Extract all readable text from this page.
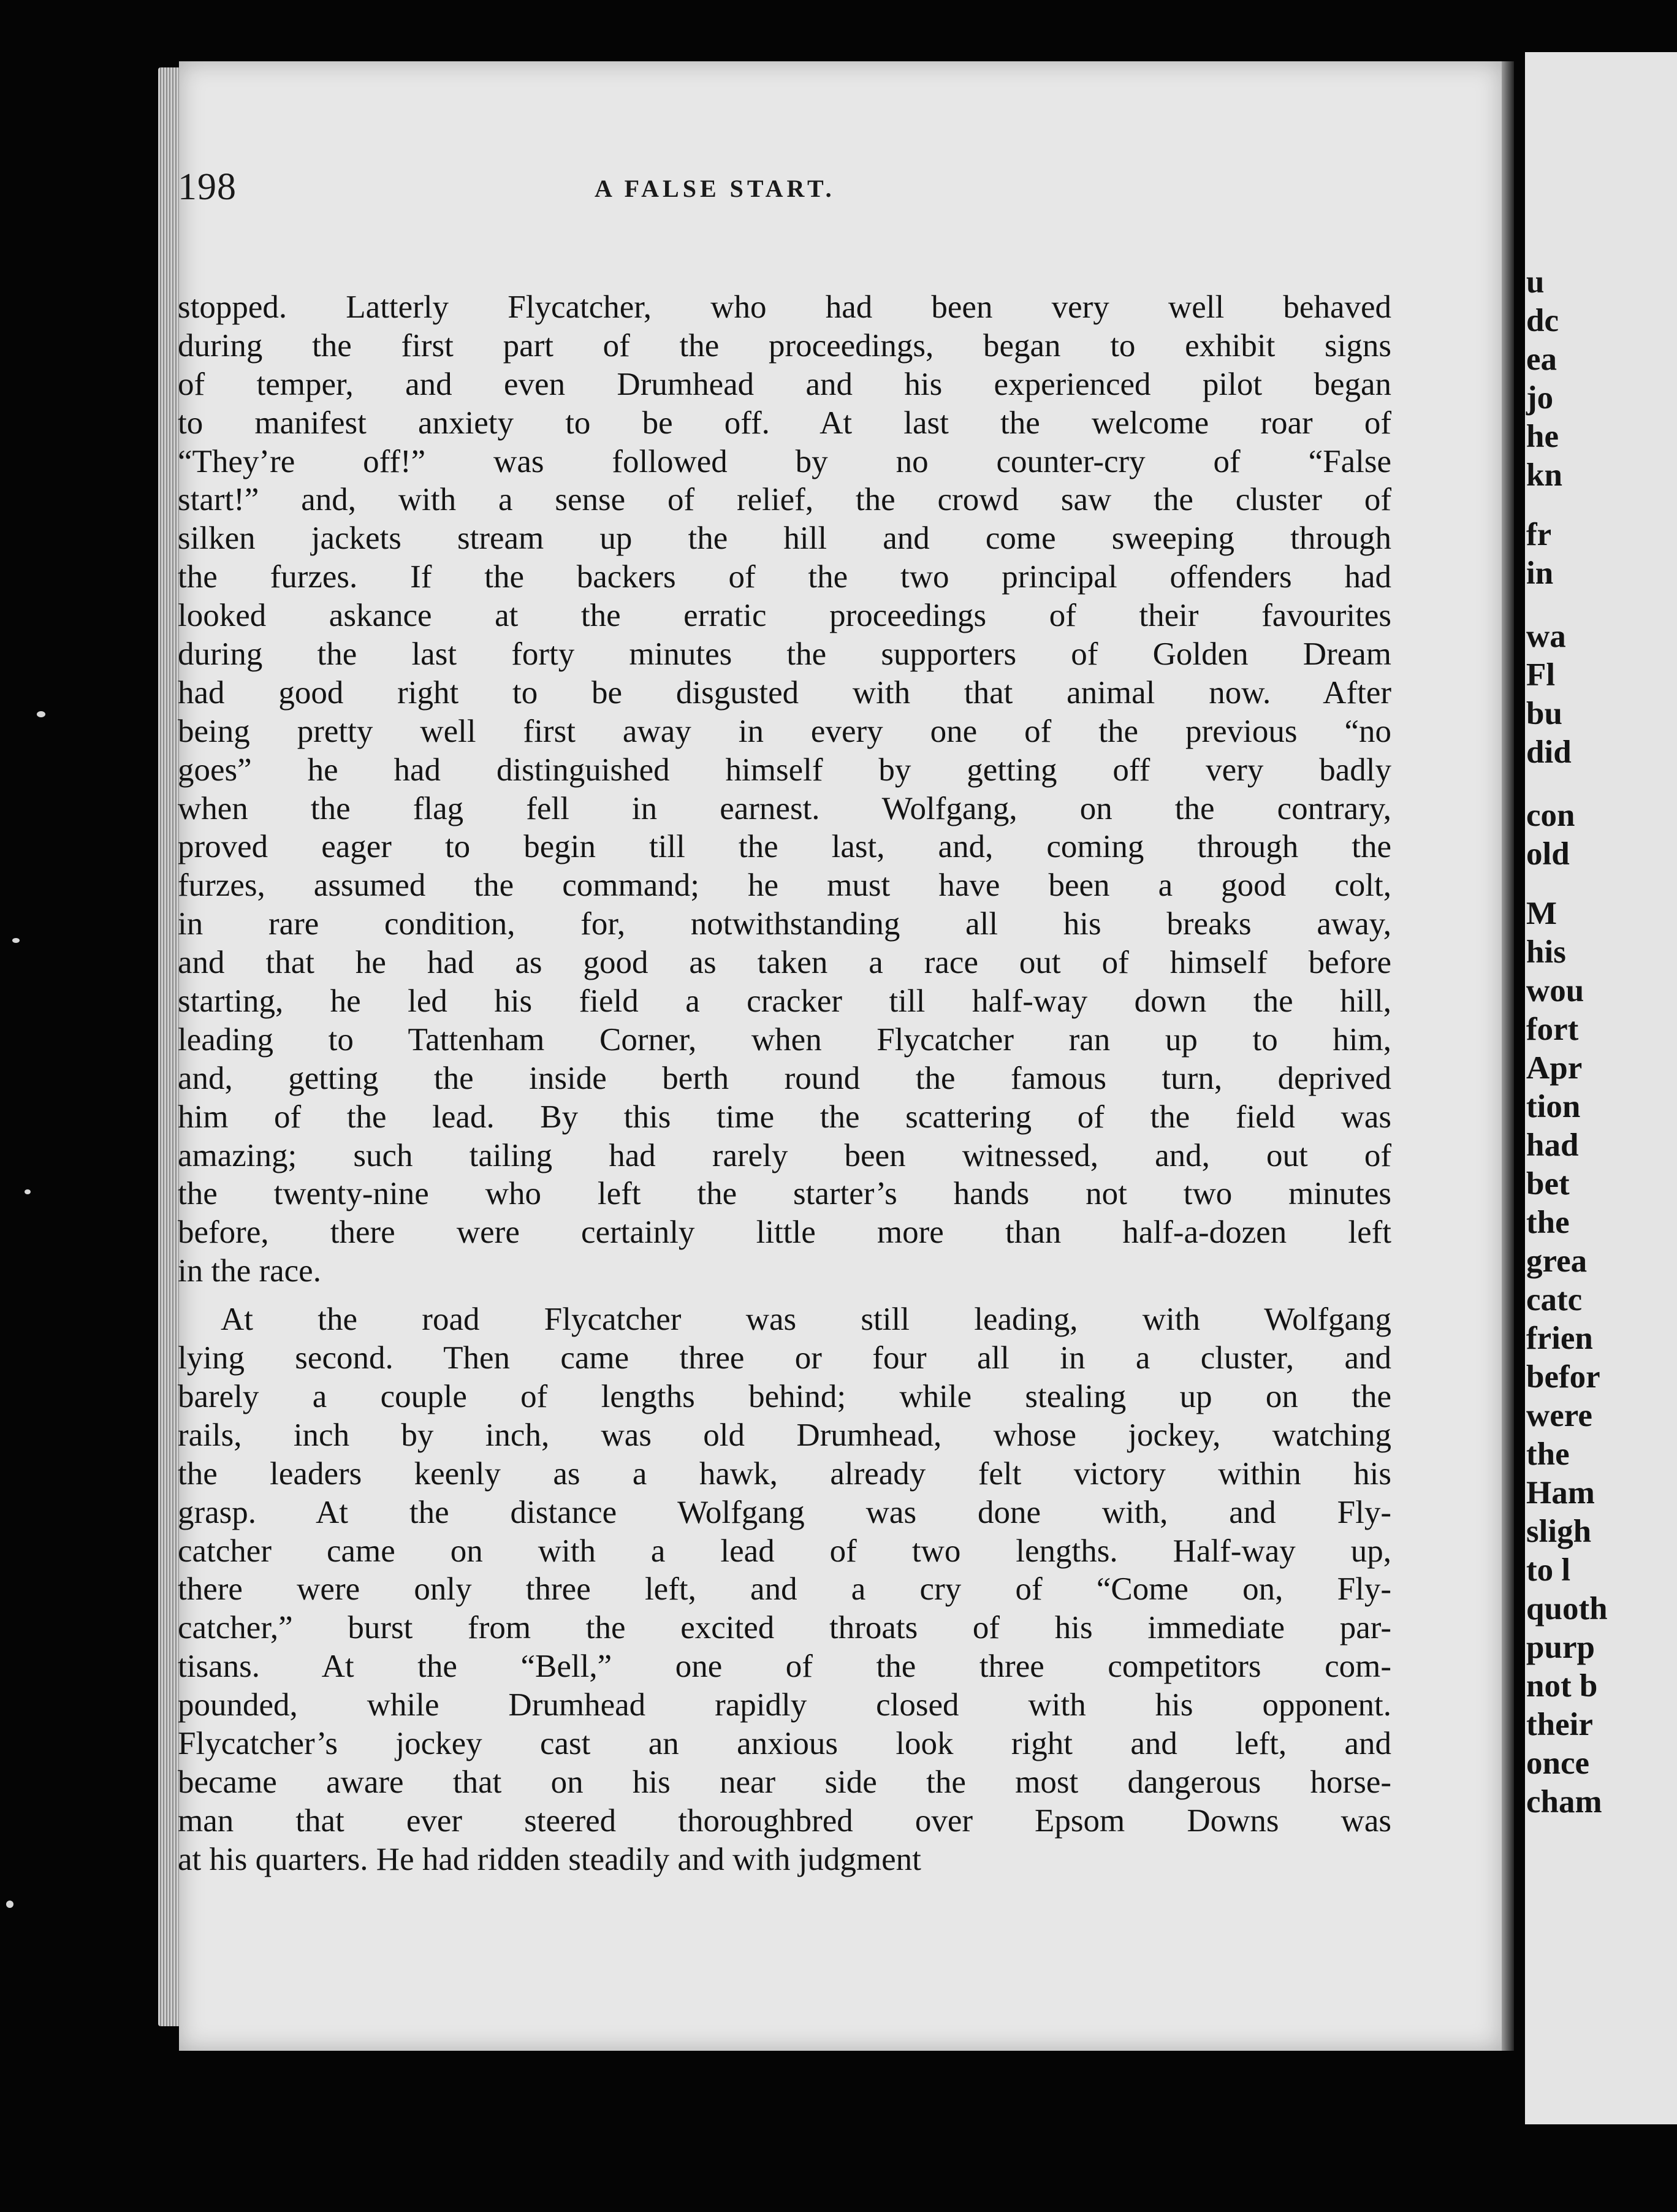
198	A FALSE START.
stopped. Latterly Flycatcher, who had been very well behaved
during the first part of the proceedings, began to exhibit signs
of temper, and even Drumhead and his experienced pilot began
to manifest anxiety to be off. At last the welcome roar of
“They’re off!” was followed by no counter-cry of “False
start!” and, with a sense of relief, the crowd saw the cluster of
silken jackets stream up the hill and come sweeping through
the furzes. If the backers of the two principal offenders had
looked askance at the erratic proceedings of their favourites
during the last forty minutes the supporters of Golden Dream
had good right to be disgusted with that animal now. After
being pretty well first away in every one of the previous “no
goes” he had distinguished himself by getting off very badly
when the flag fell in earnest. Wolfgang, on the contrary,
proved eager to begin till the last, and, coming through the
furzes, assumed the command; he must have been a good colt,
in rare condition, for, notwithstanding all his breaks away,
and that he had as good as taken a race out of himself before
starting, he led his field a cracker till half-way down the hill,
leading to Tattenham Corner, when Flycatcher ran up to him,
and, getting the inside berth round the famous turn, deprived
him of the lead. By this time the scattering of the field was
amazing; such tailing had rarely been witnessed, and, out of
the twenty-nine who left the starter’s hands not two minutes
before, there were certainly little more than half-a-dozen left
in the race.
At the road Flycatcher was still leading, with Wolfgang
lying second. Then came three or four all in a cluster, and
barely a couple of lengths behind; while stealing up on the
rails, inch by inch, was old Drumhead, whose jockey, watching
the leaders keenly as a hawk, already felt victory within his
grasp. At the distance Wolfgang was done with, and Fly-
catcher came on with a lead of two lengths. Half-way up,
there were only three left, and a cry of “Come on, Fly-
catcher,” burst from the excited throats of his immediate par-
tisans. At the “Bell,” one of the three competitors com-
pounded, while Drumhead rapidly closed with his opponent.
Flycatcher’s jockey cast an anxious look right and left, and
became aware that on his near side the most dangerous horse-
man that ever steered thoroughbred over Epsom Downs was
at his quarters. He had ridden steadily and with judgment
u
dc
ea
jo
he
kn
fr
in
wa
Fl
bu
did
con
old
M
his
wou
fort
Apr
tion
had
bet
the
grea
catc
frien
befor
were
the
Ham
sligh
to l
quoth
purp
not b
their
once
cham
